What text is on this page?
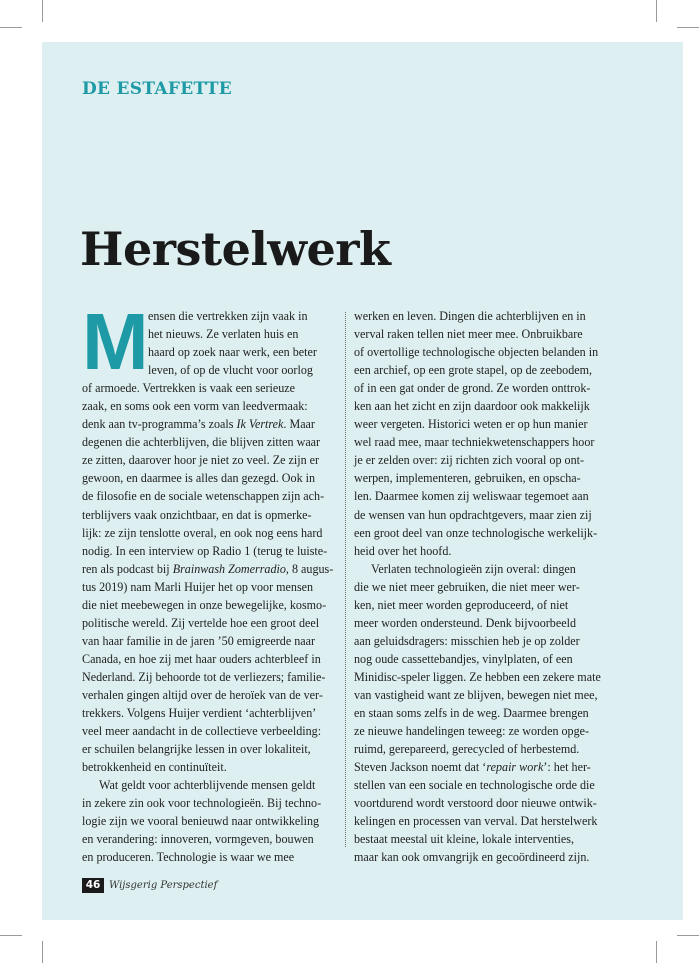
DE ESTAFETTE
Herstelwerk
M ensen die vertrekken zijn vaak in
het nieuws. Ze verlaten huis en
haard op zoek naar werk, een beter
leven, of op de vlucht voor oorlog
of armoede. Vertrekken is vaak een serieuze
zaak, en soms ook een vorm van leedvermaak:
denk aan tv-programma’s zoals Ik Vertrek. Maar
degenen die achterblijven, die blijven zitten waar
ze zitten, daarover hoor je niet zo veel. Ze zijn er
gewoon, en daarmee is alles dan gezegd. Ook in
de filosofie en de sociale wetenschappen zijn ach-
terblijvers vaak onzichtbaar, en dat is opmerke-
lijk: ze zijn tenslotte overal, en ook nog eens hard
nodig. In een interview op Radio 1 (terug te luiste-
ren als podcast bij Brainwash Zomerradio, 8 augus-
tus 2019) nam Marli Huijer het op voor mensen
die niet meebewegen in onze bewegelijke, kosmo-
politische wereld. Zij vertelde hoe een groot deel
van haar familie in de jaren ’50 emigreerde naar
Canada, en hoe zij met haar ouders achterbleef in
Nederland. Zij behoorde tot de verliezers; familie-
verhalen gingen altijd over de heroïek van de ver-
trekkers. Volgens Huijer verdient ‘achterblijven’
veel meer aandacht in de collectieve verbeelding:
er schuilen belangrijke lessen in over lokaliteit,
betrokkenheid en continuïteit.

Wat geldt voor achterblijvende mensen geldt
in zekere zin ook voor technologieën. Bij techno-
logie zijn we vooral benieuwd naar ontwikkeling
en verandering: innoveren, vormgeven, bouwen
en produceren. Technologie is waar we mee

werken en leven. Dingen die achterblijven en in
verval raken tellen niet meer mee. Onbruikbare
of overtollige technologische objecten belanden in
een archief, op een grote stapel, op de zeebodem,
of in een gat onder de grond. Ze worden onttrok-
ken aan het zicht en zijn daardoor ook makkelijk
weer vergeten. Historici weten er op hun manier
wel raad mee, maar techniekwetenschappers hoor
je er zelden over: zij richten zich vooral op ont-
werpen, implementeren, gebruiken, en opscha-
len. Daarmee komen zij weliswaar tegemoet aan
de wensen van hun opdrachtgevers, maar zien zij
een groot deel van onze technologische werkelijk-
heid over het hoofd.

Verlaten technologieën zijn overal: dingen
die we niet meer gebruiken, die niet meer wer-
ken, niet meer worden geproduceerd, of niet
meer worden ondersteund. Denk bijvoorbeeld
aan geluidsdragers: misschien heb je op zolder
nog oude cassettebandjes, vinylplaten, of een
Minidisc-speler liggen. Ze hebben een zekere mate
van vastigheid want ze blijven, bewegen niet mee,
en staan soms zelfs in de weg. Daarmee brengen
ze nieuwe handelingen teweeg: ze worden opge-
ruimd, gerepareerd, gerecycled of herbestemd.
Steven Jackson noemt dat ‘repair work’: het her-
stellen van een sociale en technologische orde die
voortdurend wordt verstoord door nieuwe ontwik-
kelingen en processen van verval. Dat herstelwerk
bestaat meestal uit kleine, lokale interventies,
maar kan ook omvangrijk en gecoördineerd zijn.

46 Wijsgerig Perspectief
